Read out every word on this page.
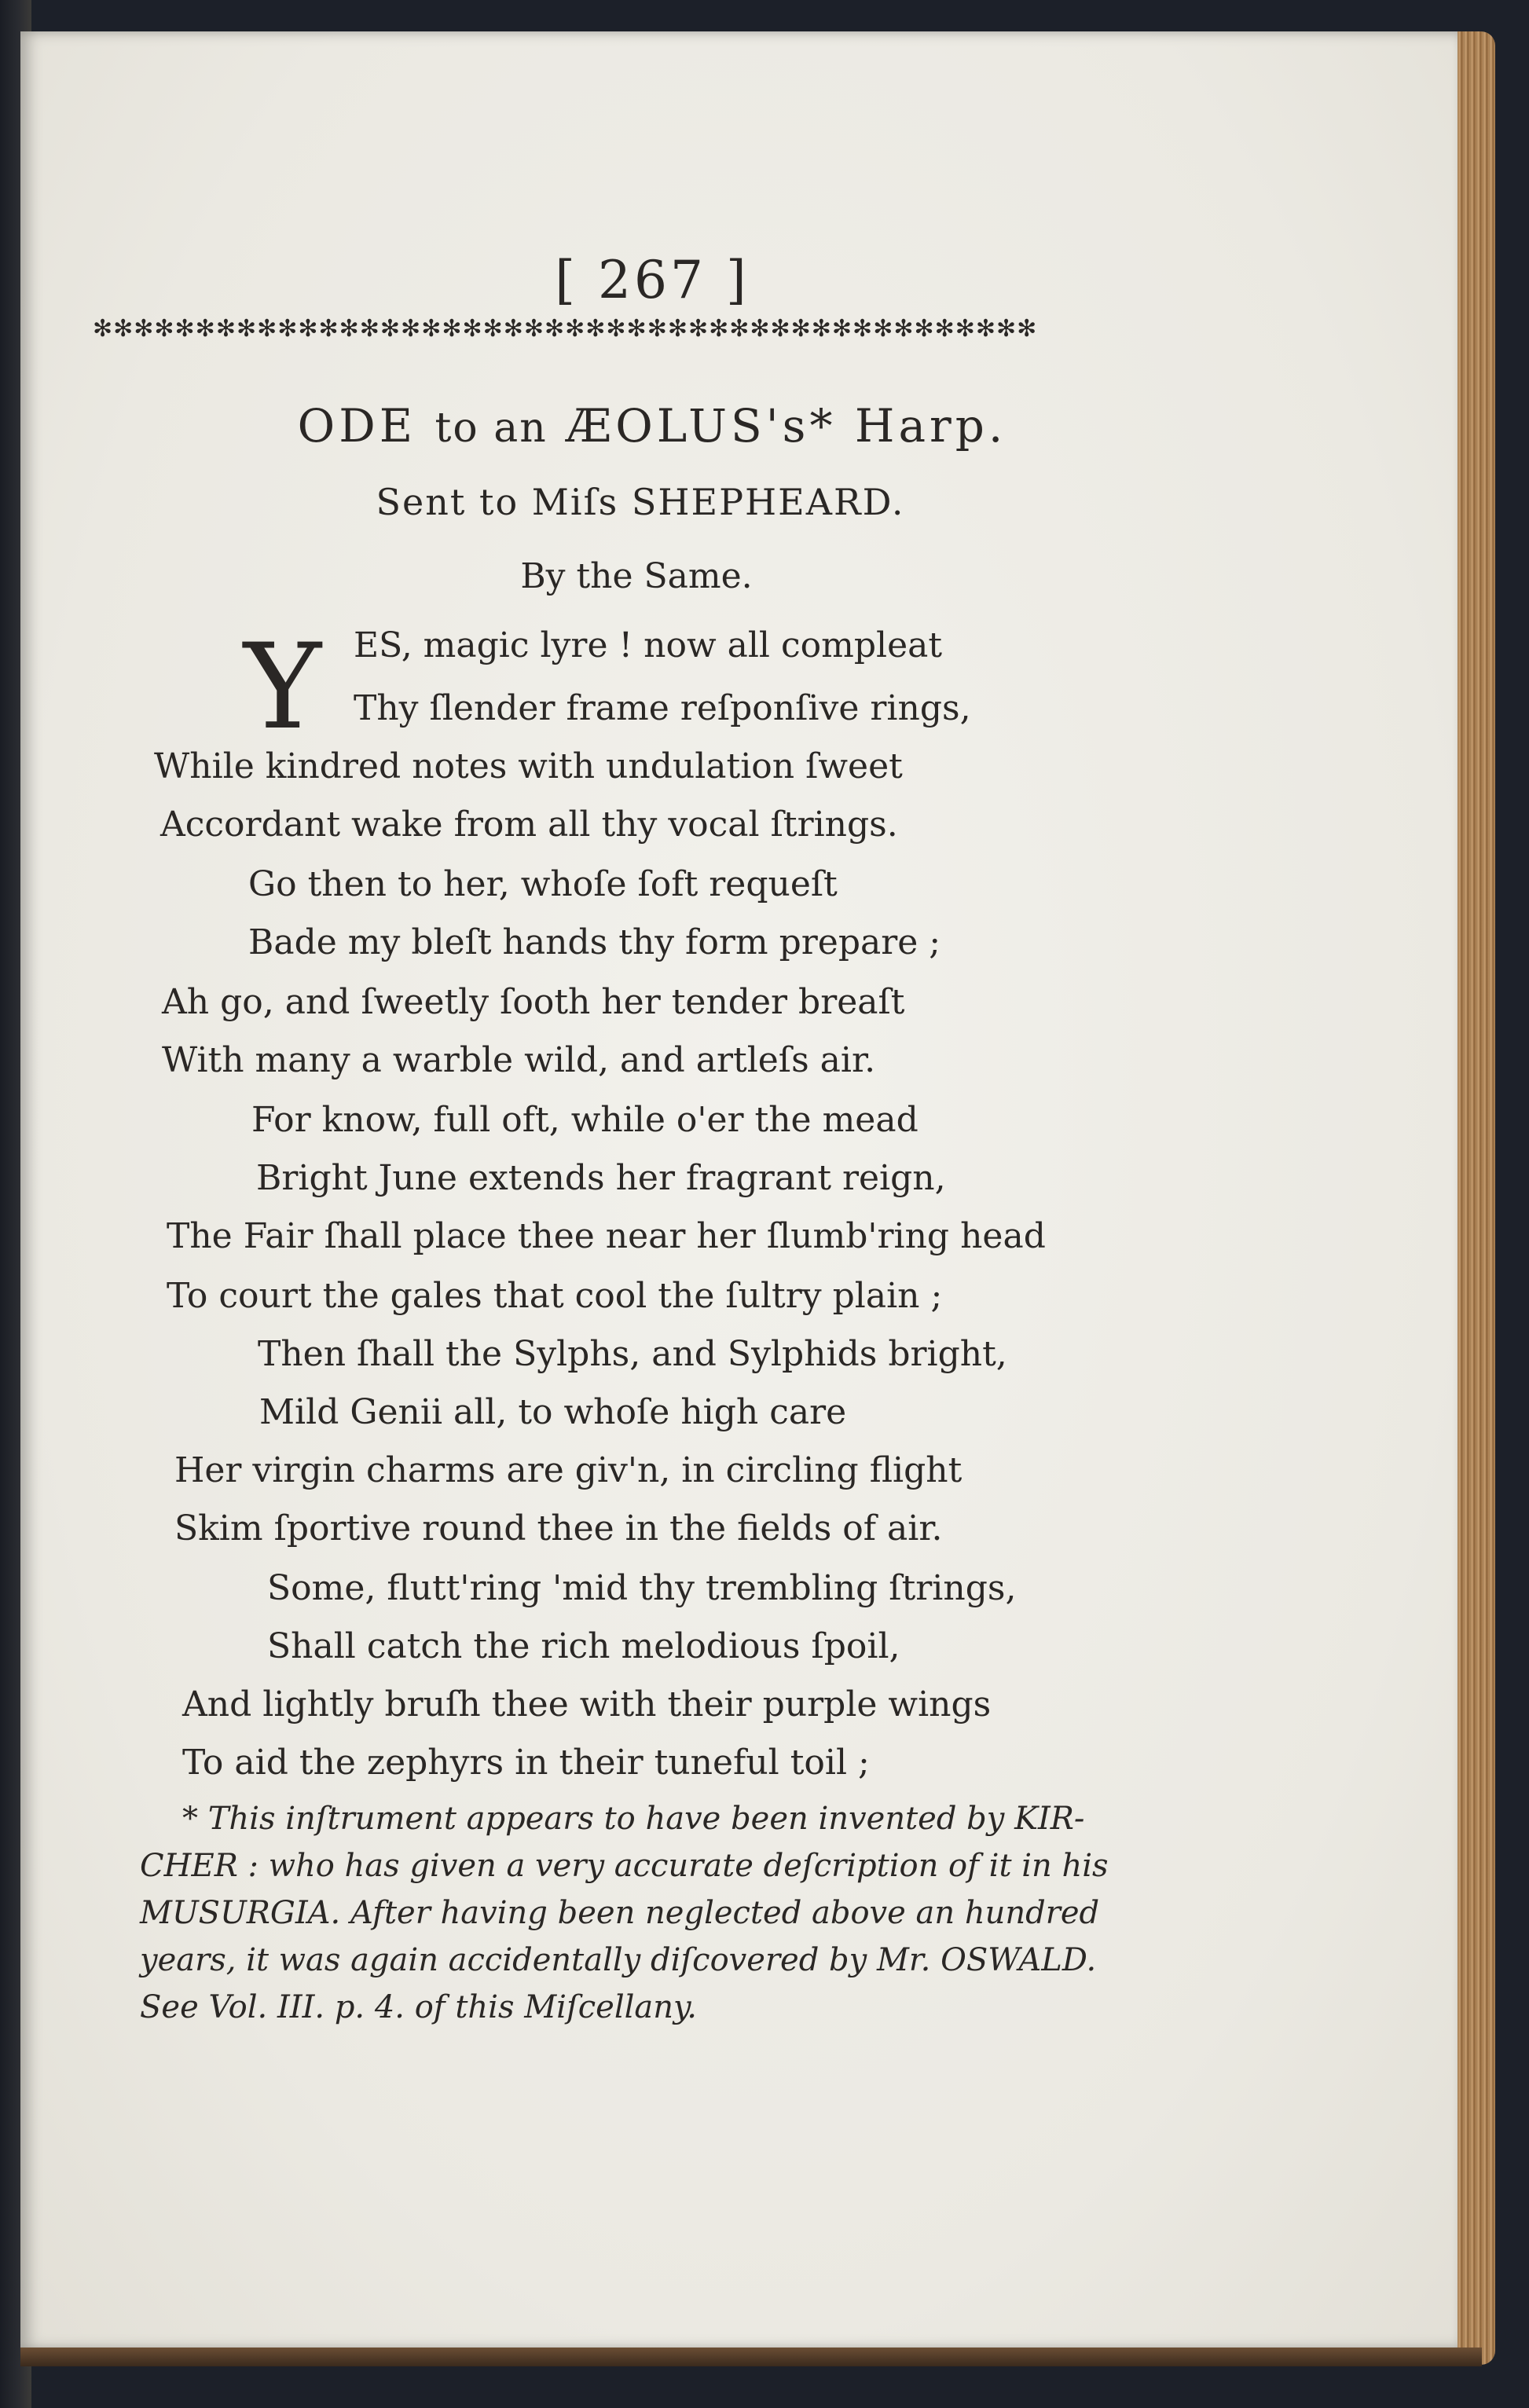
[ 267 ]
✻✻✻✻✻✻✻✻✻✻✻✻✻✻✻✻✻✻✻✻✻✻✻✻✻✻✻✻✻✻✻✻✻✻✻✻✻✻✻✻✻✻✻✻✻✻
ODE to an ÆOLUS's* Harp.
Sent to Miſs SHEPHEARD.
By the Same.
Y ES, magic lyre ! now all compleat
Thy ſlender frame reſponſive rings,
While kindred notes with undulation ſweet
Accordant wake from all thy vocal ſtrings.
Go then to her, whoſe ſoft requeſt
Bade my bleſt hands thy form prepare ;
Ah go, and ſweetly ſooth her tender breaſt
With many a warble wild, and artleſs air.
For know, full oft, while o'er the mead
Bright June extends her fragrant reign,
The Fair ſhall place thee near her ſlumb'ring head
To court the gales that cool the ſultry plain ;
Then ſhall the Sylphs, and Sylphids bright,
Mild Genii all, to whoſe high care
Her virgin charms are giv'n, in circling flight
Skim ſportive round thee in the fields of air.
Some, flutt'ring 'mid thy trembling ſtrings,
Shall catch the rich melodious ſpoil,
And lightly bruſh thee with their purple wings
To aid the zephyrs in their tuneful toil ;
* This inſtrument appears to have been invented by KIR-
CHER : who has given a very accurate deſcription of it in his
MUSURGIA. After having been neglected above an hundred
years, it was again accidentally diſcovered by Mr. OSWALD.
See Vol. III. p. 4. of this Miſcellany.
